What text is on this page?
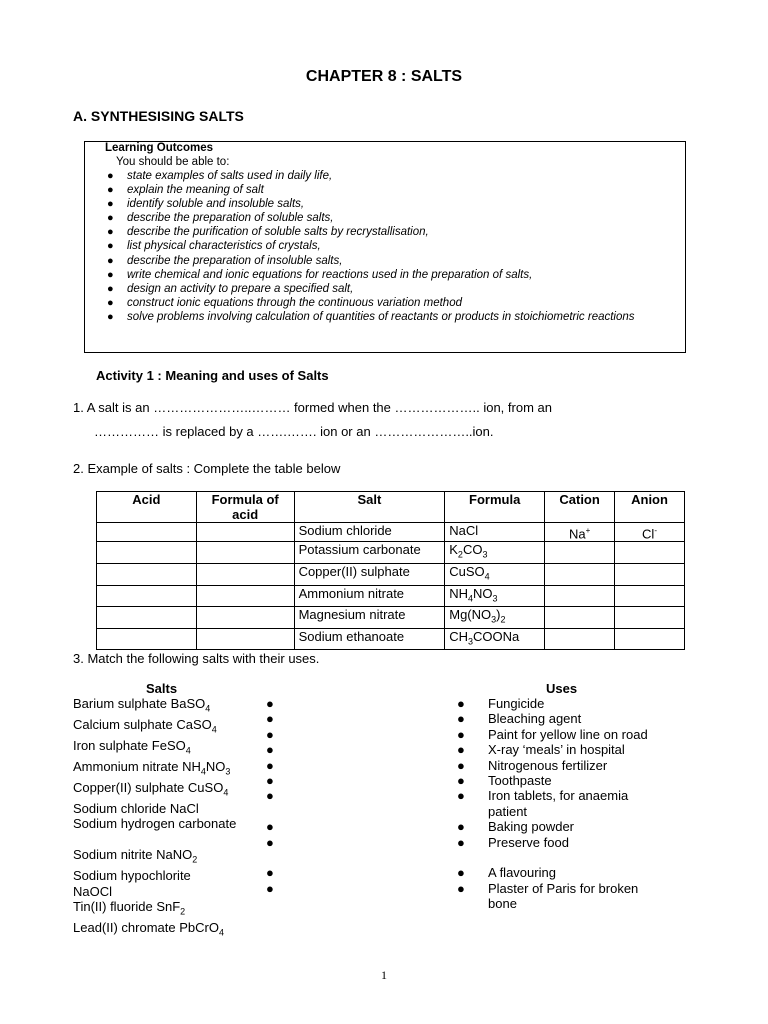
CHAPTER 8 : SALTS
A. SYNTHESISING SALTS
Learning Outcomes
You should be able to:
● state examples of salts used in daily life,
● explain the meaning of salt
● identify soluble and insoluble salts,
● describe the preparation of soluble salts,
● describe the purification of soluble salts by recrystallisation,
● list physical characteristics of crystals,
● describe the preparation of insoluble salts,
● write chemical and ionic equations for reactions used in the preparation of salts,
● design an activity to prepare a specified salt,
● construct ionic equations through the continuous variation method
● solve problems involving calculation of quantities of reactants or products in stoichiometric reactions
Activity 1 : Meaning and uses of Salts
1. A salt is an …………………..……… formed when the ……………….. ion, from an
…………… is replaced by a …….……. ion or an …………………..ion.
2. Example of salts : Complete the table below
Acid	Formula of acid	Salt	Formula	Cation	Anion
		Sodium chloride	NaCl	Na+	Cl-
		Potassium carbonate	$K_2CO_3$		
		Copper(II) sulphate	CuSO$_4$		
		Ammonium nitrate	$NH_4NO_3$		
		Magnesium nitrate	$Mg(NO_3)_2$		
		Sodium ethanoate	$CH_3COONa$		
3. Match the following salts with their uses.
Salts	Uses
Barium sulphate BaSO$_4$
Calcium sulphate CaSO$_4$
Iron sulphate FeSO$_4$
Ammonium nitrate $NH_4NO_3$
Copper(II) sulphate CuSO$_4$
Sodium chloride NaCl
Sodium hydrogen carbonate
Sodium nitrite NaNO$_2$
Sodium hypochlorite
NaOCl
Tin(II) fluoride SnF$_2$
Lead(II) chromate PbCrO$_4$
●
●
●
●
●
●
●
●
●
●
●
●
●
●
●
●
●
●
●
●
●
●
Fungicide
Bleaching agent
Paint for yellow line on road
X-ray ‘meals’ in hospital
Nitrogenous fertilizer
Toothpaste
Iron tablets, for anaemia
patient
Baking powder
Preserve food
A flavouring
Plaster of Paris for broken
bone
1
